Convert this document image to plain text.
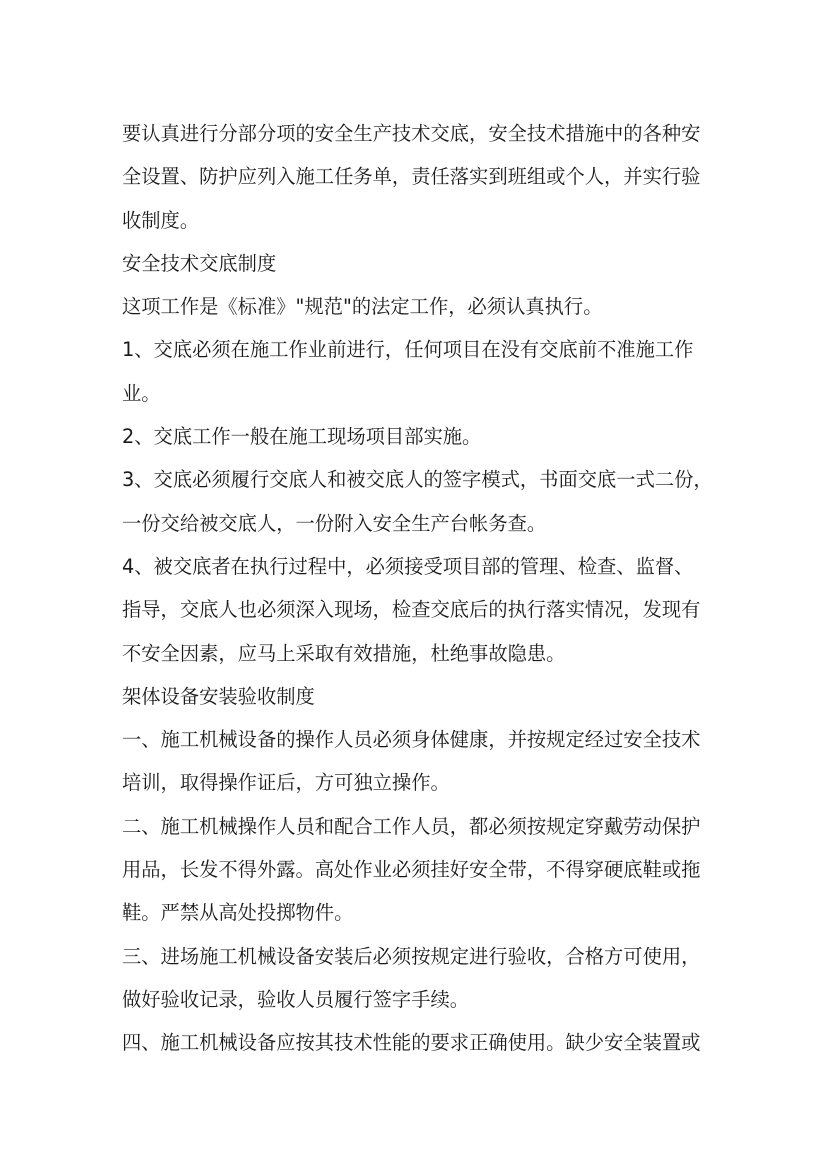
要认真进行分部分项的安全生产技术交底，安全技术措施中的各种安
全设置、防护应列入施工任务单，责任落实到班组或个人，并实行验
收制度。
安全技术交底制度
这项工作是《标准》"规范"的法定工作，必须认真执行。
1、交底必须在施工作业前进行，任何项目在没有交底前不准施工作
业。
2、交底工作一般在施工现场项目部实施。
3、交底必须履行交底人和被交底人的签字模式，书面交底一式二份，
一份交给被交底人，一份附入安全生产台帐务查。
4、被交底者在执行过程中，必须接受项目部的管理、检查、监督、
指导，交底人也必须深入现场，检查交底后的执行落实情况，发现有
不安全因素，应马上采取有效措施，杜绝事故隐患。
架体设备安装验收制度
一、施工机械设备的操作人员必须身体健康，并按规定经过安全技术
培训，取得操作证后，方可独立操作。
二、施工机械操作人员和配合工作人员，都必须按规定穿戴劳动保护
用品，长发不得外露。高处作业必须挂好安全带，不得穿硬底鞋或拖
鞋。严禁从高处投掷物件。
三、进场施工机械设备安装后必须按规定进行验收，合格方可使用，
做好验收记录，验收人员履行签字手续。
四、施工机械设备应按其技术性能的要求正确使用。缺少安全装置或
